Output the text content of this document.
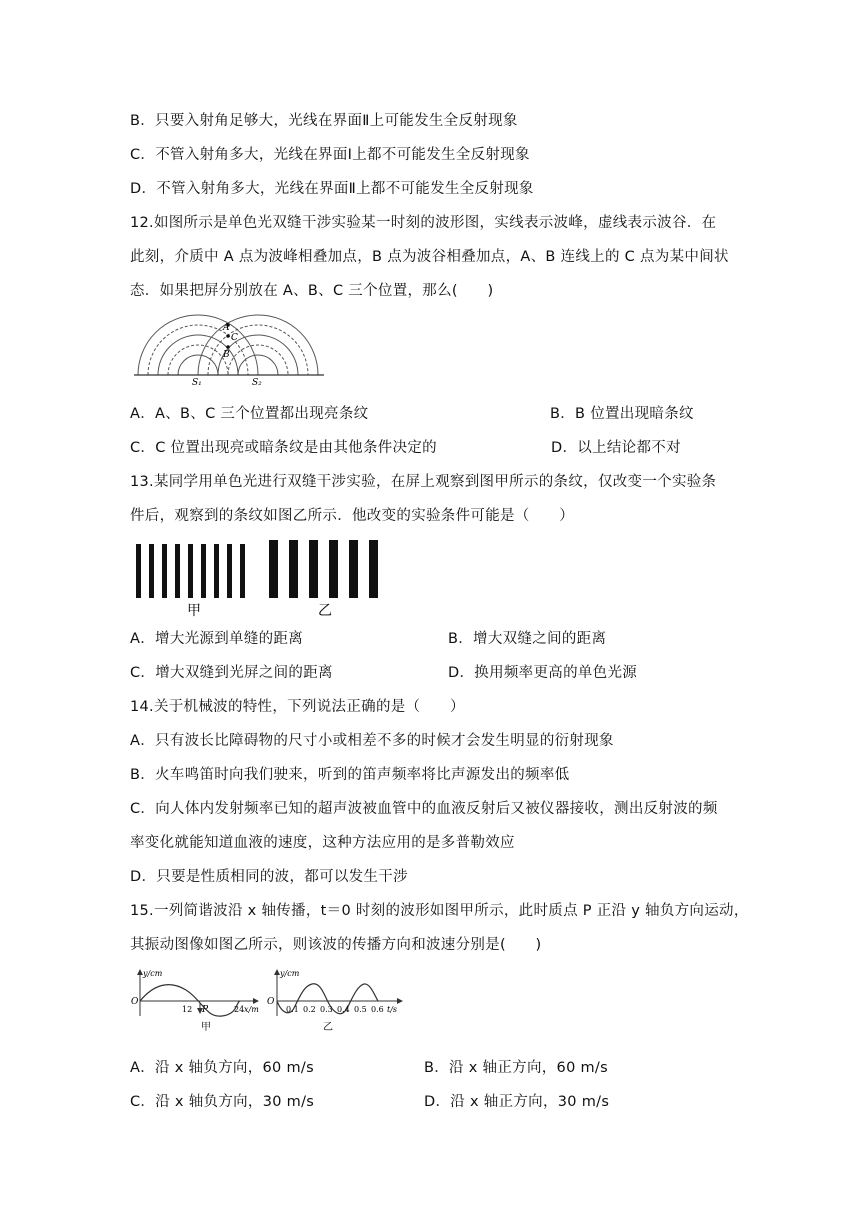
B．只要入射角足够大，光线在界面Ⅱ上可能发生全反射现象
C．不管入射角多大，光线在界面Ⅰ上都不可能发生全反射现象
D．不管入射角多大，光线在界面Ⅱ上都不可能发生全反射现象
12.如图所示是单色光双缝干涉实验某一时刻的波形图，实线表示波峰，虚线表示波谷．在
此刻，介质中 A 点为波峰相叠加点，B 点为波谷相叠加点，A、B 连线上的 C 点为某中间状
态．如果把屏分别放在 A、B、C 三个位置，那么(　　)
A
C
B
S₁	S₂
A．A、B、C 三个位置都出现亮条纹	B．B 位置出现暗条纹
C．C 位置出现亮或暗条纹是由其他条件决定的	D．以上结论都不对
13.某同学用单色光进行双缝干涉实验，在屏上观察到图甲所示的条纹，仅改变一个实验条
件后，观察到的条纹如图乙所示．他改变的实验条件可能是（　　）
甲	乙
A．增大光源到单缝的距离	B．增大双缝之间的距离
C．增大双缝到光屏之间的距离	D．换用频率更高的单色光源
14.关于机械波的特性，下列说法正确的是（　　）
A．只有波长比障碍物的尺寸小或相差不多的时候才会发生明显的衍射现象
B．火车鸣笛时向我们驶来，听到的笛声频率将比声源发出的频率低
C．向人体内发射频率已知的超声波被血管中的血液反射后又被仪器接收，测出反射波的频
率变化就能知道血液的速度，这种方法应用的是多普勒效应
D．只要是性质相同的波，都可以发生干涉
15.一列简谐波沿 x 轴传播，t＝0 时刻的波形如图甲所示，此时质点 P 正沿 y 轴负方向运动，
其振动图像如图乙所示，则该波的传播方向和波速分别是(　　)
y/cm
O
12 P	24 x/m
甲
y/cm
O
0.1 0.2 0.3 0.4 0.5 0.6 t/s
乙
A．沿 x 轴负方向，60 m/s	B．沿 x 轴正方向，60 m/s
C．沿 x 轴负方向，30 m/s	D．沿 x 轴正方向，30 m/s
